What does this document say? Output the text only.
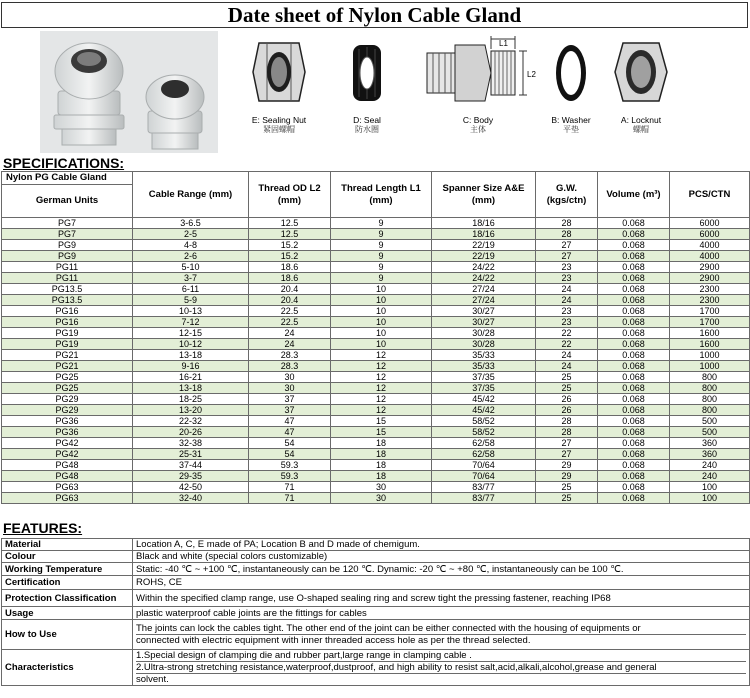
Date sheet of Nylon Cable Gland
E: Sealing Nut
紧固螺帽
D: Seal
防水圈
L1
L2
C: Body
主体
B: Washer
平垫
A: Locknut
螺帽
SPECIFICATIONS:
Nylon PG Cable Gland	Cable Range (mm)	Thread OD L2 (mm)	Thread Length L1 (mm)	Spanner Size A&E (mm)	G.W. (kgs/ctn)	Volume (m³)	PCS/CTN
German Units							
PG7	3-6.5	12.5	9	18/16	28	0.068	6000
PG7	2-5	12.5	9	18/16	28	0.068	6000
PG9	4-8	15.2	9	22/19	27	0.068	4000
PG9	2-6	15.2	9	22/19	27	0.068	4000
PG11	5-10	18.6	9	24/22	23	0.068	2900
PG11	3-7	18.6	9	24/22	23	0.068	2900
PG13.5	6-11	20.4	10	27/24	24	0.068	2300
PG13.5	5-9	20.4	10	27/24	24	0.068	2300
PG16	10-13	22.5	10	30/27	23	0.068	1700
PG16	7-12	22.5	10	30/27	23	0.068	1700
PG19	12-15	24	10	30/28	22	0.068	1600
PG19	10-12	24	10	30/28	22	0.068	1600
PG21	13-18	28.3	12	35/33	24	0.068	1000
PG21	9-16	28.3	12	35/33	24	0.068	1000
PG25	16-21	30	12	37/35	25	0.068	800
PG25	13-18	30	12	37/35	25	0.068	800
PG29	18-25	37	12	45/42	26	0.068	800
PG29	13-20	37	12	45/42	26	0.068	800
PG36	22-32	47	15	58/52	28	0.068	500
PG36	20-26	47	15	58/52	28	0.068	500
PG42	32-38	54	18	62/58	27	0.068	360
PG42	25-31	54	18	62/58	27	0.068	360
PG48	37-44	59.3	18	70/64	29	0.068	240
PG48	29-35	59.3	18	70/64	29	0.068	240
PG63	42-50	71	30	83/77	25	0.068	100
PG63	32-40	71	30	83/77	25	0.068	100
FEATURES:
Material	Location A, C, E made of PA; Location B and D made of chemigum.

Colour	Black and white (special colors customizable)

Working Temperature	Static: -40 ℃ ~ +100 ℃, instantaneously can be 120 ℃. Dynamic: -20 ℃ ~ +80 ℃, instantaneously can be 100 ℃.

Certification	ROHS, CE

Protection Classification	Within the specified clamp range, use O-shaped sealing ring and screw tight the pressing fastener, reaching IP68

Usage	plastic waterproof cable joints are the fittings for cables

How to Use	The joints can lock the cables tight. The other end of the joint can be either connected with the housing of equipments or
connected with electric equipment with inner threaded access hole as per the thread selected.

Characteristics	1.Special design of clamping die and rubber part,large range in clamping cable .
2.Ultra-strong stretching resistance,waterproof,dustproof, and high ability to resist salt,acid,alkali,alcohol,grease and general
solvent.
